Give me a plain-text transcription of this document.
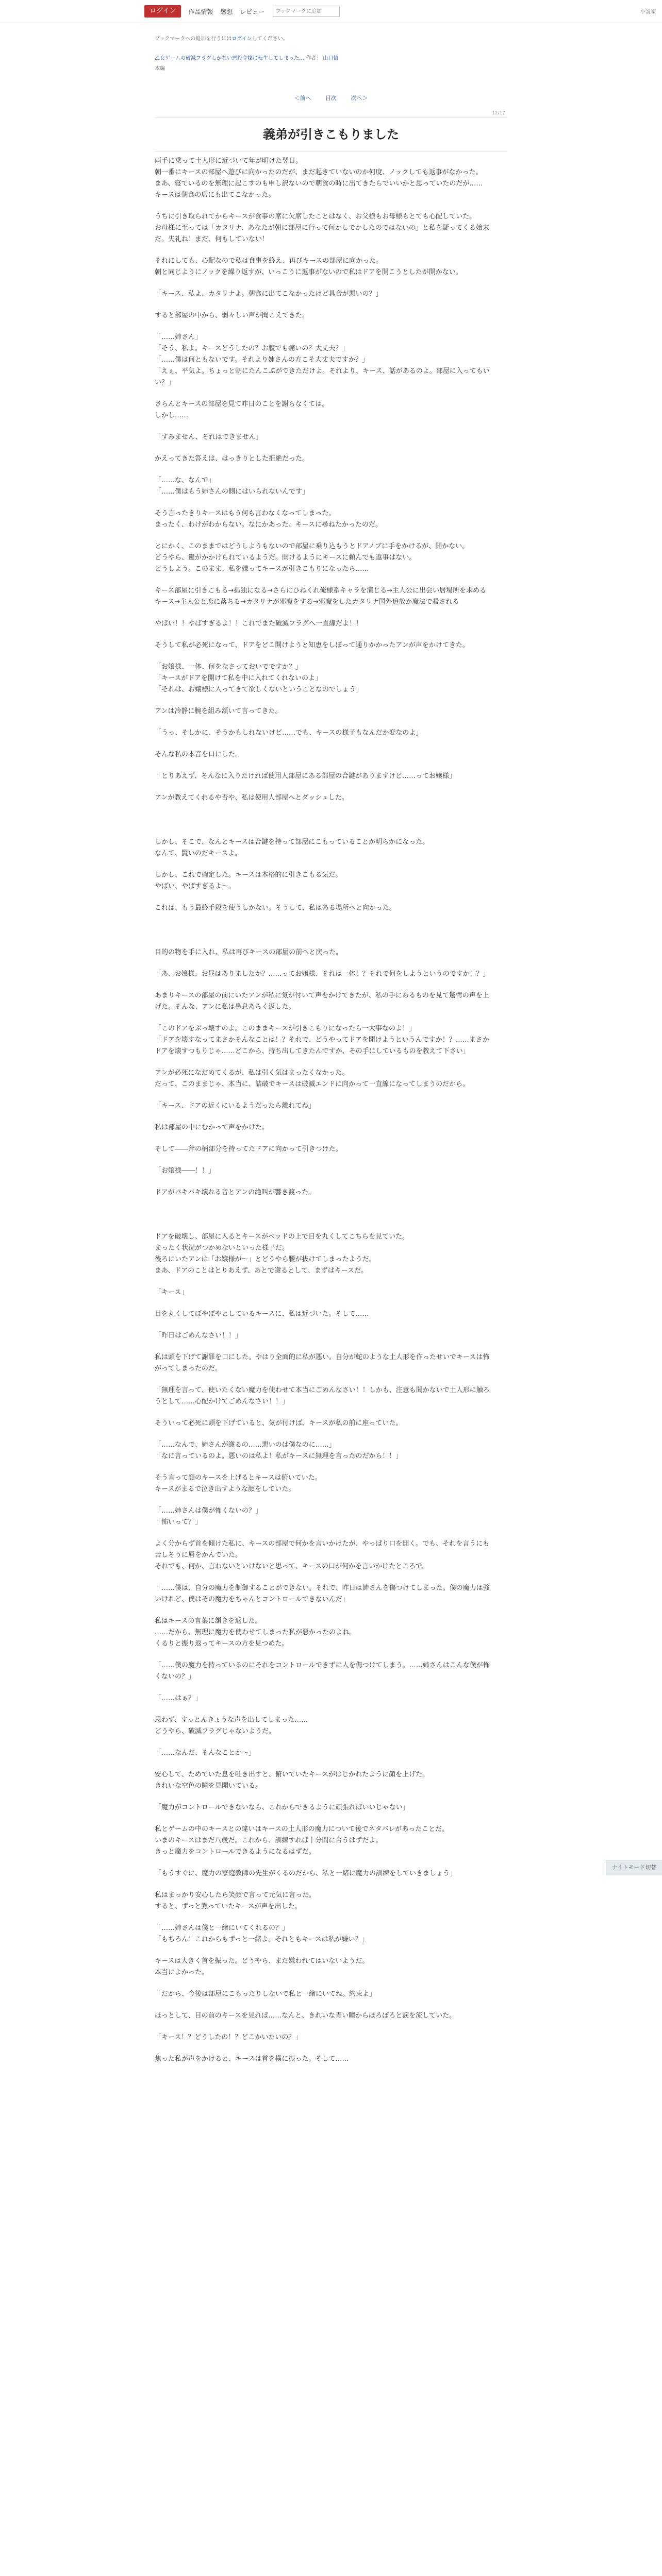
ログイン	作品情報 感想 レビュー
ブックマークに追加	小説家
ブックマークへの追加を行うにはログインしてください。
乙女ゲームの破滅フラグしかない悪役令嬢に転生してしまった… 作者： 山口悟
本編
＜前へ	目次	次へ＞
12/17
義弟が引きこもりました
両手に乗って土人形に近づいて年が明けた翌日。
朝一番にキースの部屋へ遊びに向かったのだが、まだ起きていないのか何度、ノックしても返事がなかった。
まあ、寝ているのを無理に起こすのも申し訳ないので朝食の時に出てきたらでいいかと思っていたのだが……
キースは朝食の席にも出てこなかった。
うちに引き取られてからキースが食事の席に欠席したことはなく、お父様もお母様もとても心配していた。
お母様に至っては「カタリナ、あなたが朝に部屋に行って何かしでかしたのではないの」と私を疑ってくる始末だ。失礼ね！まだ、何もしていない！
それにしても、心配なので私は食事を終え、再びキースの部屋に向かった。
朝と同じようにノックを繰り返すが、いっこうに返事がないので私はドアを開こうとしたが開かない。
「キース、私よ、カタリナよ。朝食に出てこなかったけど具合が悪いの？」
すると部屋の中から、弱々しい声が聞こえてきた。
「……姉さん」
「そう、私よ。キースどうしたの？お腹でも痛いの？大丈夫？」
「……僕は何ともないです。それより姉さんの方こそ大丈夫ですか？」
「えぇ、平気よ。ちょっと朝にたんこぶができただけよ。それより、キース、話があるのよ。部屋に入ってもいい？」
さらんとキースの部屋を見て昨日のことを謝らなくては。
しかし……
「すみません、それはできません」
かえってきた答えは、はっきりとした拒絶だった。
「……な、なんで」
「……僕はもう姉さんの側にはいられないんです」
そう言ったきりキースはもう何も言わなくなってしまった。
まったく、わけがわからない。なにかあった、キースに尋ねたかったのだ。
とにかく、このままではどうしようもないので部屋に乗り込もうとドアノブに手をかけるが、開かない。
どうやら、鍵がかかけられているようだ。開けるようにキースに頼んでも返事はない。
どうしよう。このまま、私を嫌ってキースが引きこもりになったら……
キース部屋に引きこもる→孤独になる→さらにひねくれ俺様系キャラを演じる→主人公に出会い居場所を求めるキース→主人公と恋に落ちる→カタリナが邪魔をする→邪魔をしたカタリナ国外追放か魔法で殺される
やばい！！やばすぎるよ！！これでまた破滅フラグへ一直線だよ！！
そうして私が必死になって、ドアをどこ開けようと知恵をしぼって通りかかったアンが声をかけてきた。
「お嬢様、一体、何をなさっておいでですか？」
「キースがドアを開けて私を中に入れてくれないのよ」
「それは、お嬢様に入ってきて欲しくないということなのでしょう」
アンは冷静に腕を組み頷いて言ってきた。
「うっ、そしかに、そうかもしれないけど……でも、キースの様子もなんだか変なのよ」
そんな私の本音を口にした。
「とりあえず、そんなに入りたければ使用人部屋にある部屋の合鍵がありますけど……ってお嬢様」
アンが教えてくれるや否や、私は使用人部屋へとダッシュした。
しかし、そこで、なんとキースは合鍵を持って部屋にこもっていることが明らかになった。
なんて、賢いのだキースよ。
しかし、これで確定した。キースは本格的に引きこもる気だ。
やばい、やばすぎるよ～。
これは、もう最終手段を使うしかない。そうして、私はある場所へと向かった。
目的の物を手に入れ、私は再びキースの部屋の前へと戻った。
「あ、お嬢様、お昼はありましたか？……ってお嬢様、それは一体！？それで何をしようというのですか！？」
あまりキースの部屋の前にいたアンが私に気が付いて声をかけてきたが、私の手にあるものを見て驚愕の声を上げた。そんな、アンに私は鼻息あらく返した。
「このドアをぶっ壊すのよ。このままキースが引きこもりになったら一大事なのよ！」
「ドアを壊すなってまさかそんなことは！？それで、どうやってドアを開けようというんですか！？……まさかドアを壊すつもりじゃ……どこから、持ち出してきたんですか、その手にしているものを教えて下さい」
アンが必死になだめてくるが、私は引く気はまったくなかった。
だって、このままじゃ、本当に、詰破でキースは破滅エンドに向かって一直線になってしまうのだから。
「キース、ドアの近くにいるようだったら離れてね」
私は部屋の中にむかって声をかけた。
そして――斧の柄部分を持ってたドアに向かって引きつけた。
「お嬢様――！！」
ドアがバキバキ壊れる音とアンの絶叫が響き渡った。
ドアを破壊し、部屋に入るとキースがベッドの上で目を丸くしてこちらを見ていた。
まったく状況がつかめないといった様子だ。
後ろにいたアンは「お嬢様が～」とどうやら腰が抜けてしまったようだ。
まあ、ドアのことはとりあえず、あとで謝るとして、まずはキースだ。
「キース」
目を丸くしてぼやぼやとしているキースに、私は近づいた。そして……
「昨日はごめんなさい！！」
私は頭を下げて謝罪を口にした。やはり全面的に私が悪い。自分が蛇のような土人形を作ったせいでキースは怖がってしまったのだ。
「無理を言って、使いたくない魔力を使わせて本当にごめんなさい！！しかも、注意も聞かないで土人形に触ろうとして……心配かけてごめんなさい！！」
そういって必死に頭を下げていると、気が付けば、キースが私の前に座っていた。
「……なんで、姉さんが謝るの……悪いのは僕なのに……」
「なに言っているのよ。悪いのは私よ！私がキースに無理を言ったのだから！！」
そう言って顔のキースを上げるとキースは俯いていた。
キースがまるで泣き出すような顔をしていた。
「……姉さんは僕が怖くないの？」
「怖いって？」
よく分からず首を傾けた私に、キースの部屋で何かを言いかけたが、やっぱり口を開く。でも、それを言うにも苦しそうに唇をかんでいた。
それでも、何か、言わないといけないと思って、キースの口が何かを言いかけたところで。
「……僕は、自分の魔力を制御することができない。それで、昨日は姉さんを傷つけてしまった。僕の魔力は強いけれど、僕はその魔力をちゃんとコントロールできないんだ」
私はキースの言葉に頷きを返した。
……だから、無理に魔力を使わせてしまった私が悪かったのよね。
くるりと振り返ってキースの方を見つめた。
「……僕の魔力を持っているのにそれをコントロールできずに人を傷つけてしまう。……姉さんはこんな僕が怖くないの？」
「……はぁ？」
思わず、すっとんきょうな声を出してしまった……
どうやら、破滅フラグじゃないようだ。
「……なんだ、そんなことか～」
安心して、ためていた息を吐き出すと、俯いていたキースがはじかれたように顔を上げた。
きれいな空色の瞳を見開いている。
「魔力がコントロールできないなら、これからできるように頑張ればいいじゃない」
私とゲームの中のキースとの違いはキースの土人形の魔力について後でネタバレがあったことだ。
いまのキースはまだ八歳だ。これから、訓練すれば十分間に合うはずだよ。
きっと魔力をコントロールできるようになるはずだ。
「もうすぐに、魔力の家庭教師の先生がくるのだから、私と一緒に魔力の訓練をしていきましょう」
私はまっかり安心したら笑顔で言って元気に言った。
すると、ずっと黙っていたキースが声を出した。
「……姉さんは僕と一緒にいてくれるの？」
「もちろん！これからもずっと一緒よ。それともキースは私が嫌い？」
キースは大きく首を振った。どうやら、まだ嫌われてはいないようだ。
本当によかった。
「だから、今後は部屋にこもったりしないで私と一緒にいてね。約束よ」
ほっとして、目の前のキースを見れば……なんと、きれいな青い瞳からぽろぽろと涙を流していた。
「キース！？どうしたの！？どこかいたいの？」
焦った私が声をかけると、キースは首を横に振った。そして……
ナイトモード切替
